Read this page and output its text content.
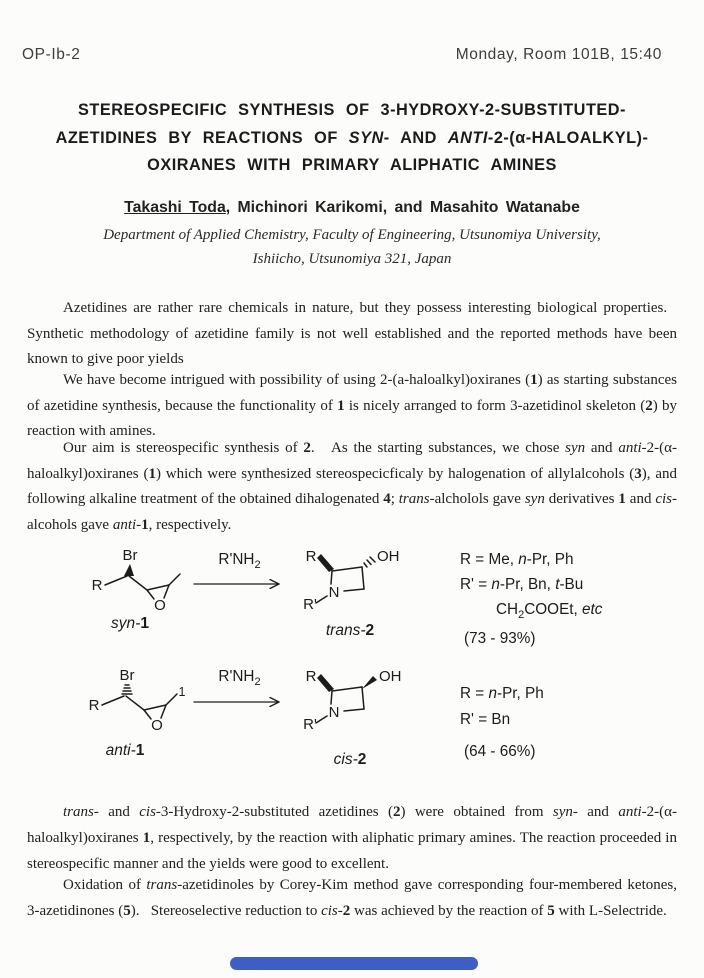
OP-Ib-2	Monday, Room 101B, 15:40
STEREOSPECIFIC SYNTHESIS OF 3-HYDROXY-2-SUBSTITUTED-
AZETIDINES BY REACTIONS OF SYN- AND ANTI-2-(α-HALOALKYL)-
OXIRANES WITH PRIMARY ALIPHATIC AMINES
Takashi Toda, Michinori Karikomi, and Masahito Watanabe
Department of Applied Chemistry, Faculty of Engineering, Utsunomiya University,
Ishiicho, Utsunomiya 321, Japan
Azetidines are rather rare chemicals in nature, but they possess interesting biological properties.   Synthetic methodology of azetidine family is not well established and the reported methods have been known to give poor yields
We have become intrigued with possibility of using 2-(a-haloalkyl)oxiranes (1) as starting substances of azetidine synthesis, because the functionality of 1 is nicely arranged to form 3-azetidinol skeleton (2) by reaction with amines.
Our aim is stereospecific synthesis of 2.   As the starting substances, we chose syn and anti-2-(α-haloalkyl)oxiranes (1) which were synthesized stereospecicficaly by halogenation of allylalcohols (3), and following alkaline treatment of the obtained dihalogenated 4; trans-alcholols gave syn derivatives 1 and cis-alcohols gave anti-1, respectively.
trans- and cis-3-Hydroxy-2-substituted azetidines (2) were obtained from syn- and anti-2-(α-haloalkyl)oxiranes 1, respectively, by the reaction with aliphatic primary amines. The reaction proceeded in stereospecific manner and the yields were good to excellent.
Oxidation of trans-azetidinoles by Corey-Kim method gave corresponding four-membered ketones, 3-azetidinones (5).   Stereoselective reduction to cis-2 was achieved by the reaction of 5 with L-Selectride.
Br
R
O
syn-1
$R'NH_2$
R
N
OH
R'
trans-2
R = Me, n-Pr, Ph
R' = n-Pr, Bn, t-Bu
$CH_2COOEt$, etc
(73 - 93%)
Br
R
O
1
anti-1
$R'NH_2$	R
N
OH
R'
cis-2
R = n-Pr, Ph
R' = Bn
(64 - 66%)
